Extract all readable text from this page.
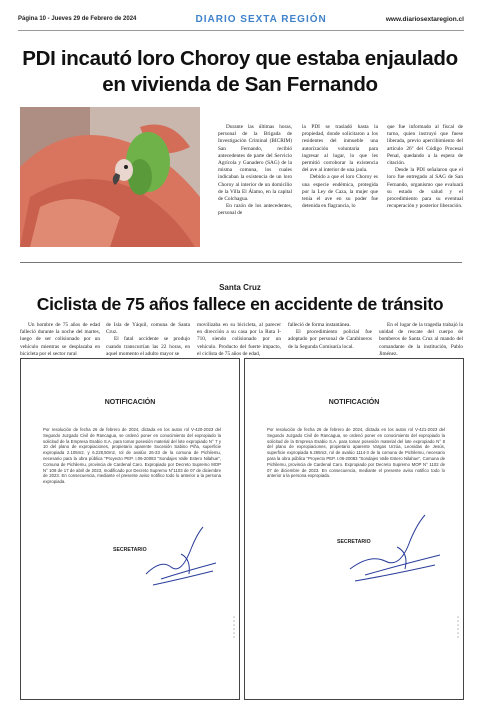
Página 10 - Jueves 29 de Febrero de 2024	DIARIO SEXTA REGIÓN	www.diariosextaregion.cl
PDI incautó loro Choroy que estaba enjaulado en vivienda de San Fernando

Durante las últimas horas, personal de la Brigada de Investigación Criminal (BICRIM) San Fernando, recibió antecedentes de parte del Servicio Agrícola y Ganadero (SAG) de la misma comuna, los cuales indicaban la existencia de un loro Choroy al interior de un domicilio de la Villa El Álamo, en la capital de Colchagua.

En razón de los antecedentes, personal de

la PDI se trasladó hasta la propiedad, donde solicitaron a los residentes del inmueble una autorización voluntaria para ingresar al lugar, lo que les permitió corroborar la existencia del ave al interior de una jaula.

Debido a que el loro Choroy es una especie endémica, protegida por la Ley de Caza, la mujer que tenía el ave en su poder fue detenida en flagrancia, lo

que fue informado al fiscal de turno, quien instruyó que fuese liberada, previo apercibimiento del artículo 26º del Código Procesal Penal, quedando a la espera de citación.

Desde la PDI señalaron que el loro fue entregado al SAG de San Fernando, organismo que evaluará su estado de salud y el procedimiento para su eventual recuperación y posterior liberación.

Santa Cruz
Ciclista de 75 años fallece en accidente de tránsito

Un hombre de 75 años de edad falleció durante la noche del martes, luego de ser colisionado por un vehículo mientras se desplazaba en bicicleta por el sector rural

de Isla de Yáquil, comuna de Santa Cruz.

El fatal accidente se produjo cuando transcurrían las 22 horas, en aquel momento el adulto mayor se

movilizaba en su bicicleta, al parecer en dirección a su casa por la Ruta I-710, siendo colisionado por un vehículo. Producto del fuerte impacto, el ciclista de 75 años de edad,

falleció de forma instantánea.

El procedimiento policial fue adoptado por personal de Carabineros de la Segunda Comisaría local.

En el lugar de la tragedia trabajó la unidad de rescate del cuerpo de bomberos de Santa Cruz al mando del comandante de la institución, Pablo Jiménez.

NOTIFICACIÓN
Por resolución de fecha 26 de febrero de 2024, dictada en los autos rol V-420-2023 del Segundo Juzgado Civil de Rancagua, se ordenó poner en conocimiento del expropiado la solicitud de la Empresa Esabio S.A. para tomar posesión material del lote expropiado N° 7 y 10 del plano de expropiaciones, propietario aparente Sucesión Sabino Piña, superficie expropiada 2.105m2. y 6.228,50m2, rol de avalúo 26-33 de la comuna de Pichilemu, necesario para la obra pública "Proyecto PEP. I.06-20083 "Sondajes Valle Estero Nilahue", Comuna de Pichilemu, provincia de Cardenal Caro. Expropiado por Decreto Supremo MOP N° 108 de 17 de abril de 2023, modificado por Decreto Supremo N°1103 de 07 de diciembre de 2023. En consecuencia, mediante el presente aviso notifico todo lo anterior a la persona expropiada.
SECRETARIO
▪▪▪▪▪▪
NOTIFICACIÓN
Por resolución de fecha 26 de febrero de 2024, dictada en los autos rol V-421-2023 del Segundo Juzgado Civil de Rancagua, se ordenó poner en conocimiento del expropiado la solicitud de la Empresa Esabio S.A. para tomar posesión material del lote expropiado N° 8 del plano de expropiaciones, propietario aparente Vargas Urzúa, Leonidas de Jesús, superficie expropiada 6.265m2, rol de avalúo 1114-3 de la comuna de Pichilemu, necesario para la obra pública "Proyecto PEP. I.06-20083 "Sondajes Valle Estero Nilahue", Comuna de Pichilemu, provincia de Cardenal Caro. Expropiado por Decreto Supremo MOP N° 1102 de 07 de diciembre de 2023. En consecuencia, mediante el presente aviso notifico todo lo anterior a la persona expropiada.
SECRETARIO
▪▪▪▪▪▪
